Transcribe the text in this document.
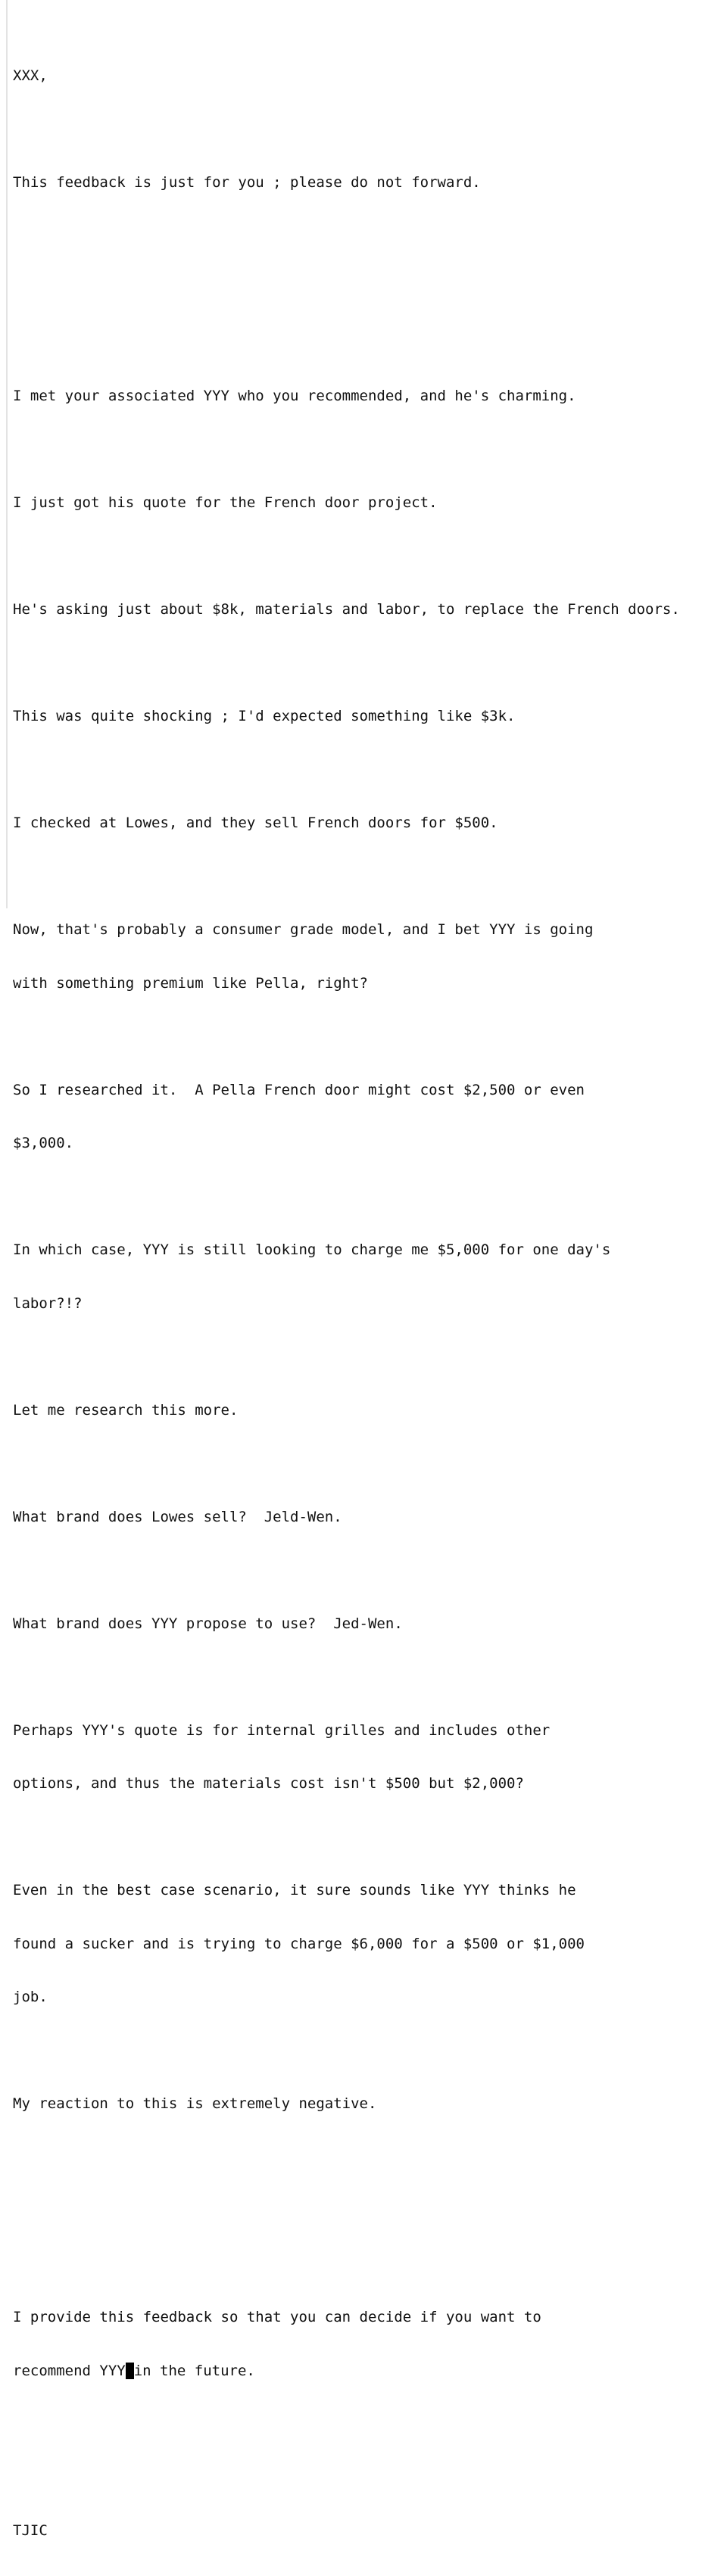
XXX,

This feedback is just for you ; please do not forward.

I met your associated YYY who you recommended, and he's charming.

I just got his quote for the French door project.

He's asking just about $8k, materials and labor, to replace the French doors.

This was quite shocking ; I'd expected something like $3k.

I checked at Lowes, and they sell French doors for $500.

Now, that's probably a consumer grade model, and I bet YYY is going

with something premium like Pella, right?

So I researched it.  A Pella French door might cost $2,500 or even

$3,000.

In which case, YYY is still looking to charge me $5,000 for one day's

labor?!?

Let me research this more.

What brand does Lowes sell?  Jeld-Wen.

What brand does YYY propose to use?  Jed-Wen.

Perhaps YYY's quote is for internal grilles and includes other

options, and thus the materials cost isn't $500 but $2,000?

Even in the best case scenario, it sure sounds like YYY thinks he

found a sucker and is trying to charge $6,000 for a $500 or $1,000

job.

My reaction to this is extremely negative.

I provide this feedback so that you can decide if you want to

recommend YYY in the future.

TJIC
